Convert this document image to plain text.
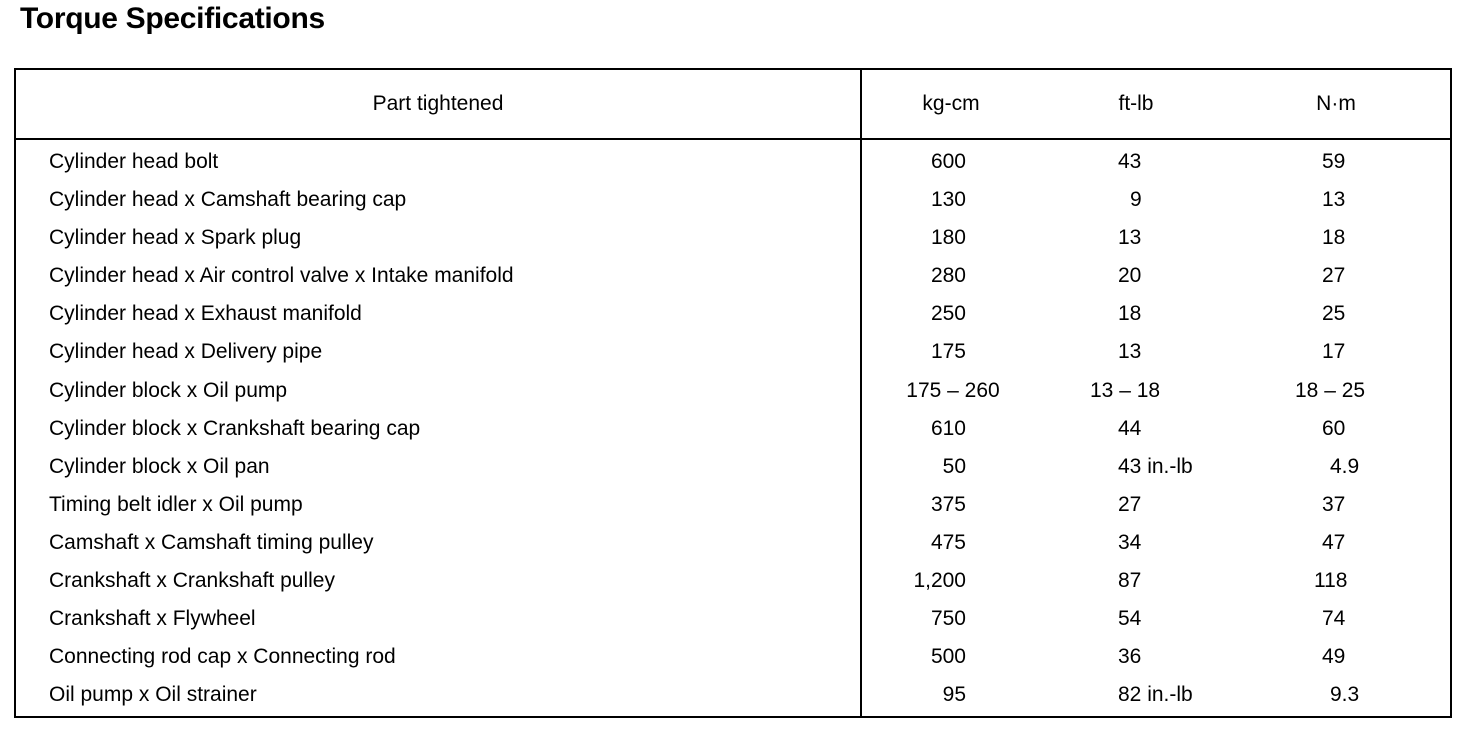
Torque Specifications
Part tightened	kg-cm	ft-lb	N·m
Cylinder head bolt	600	43	59
Cylinder head x Camshaft bearing cap	130	9	13
Cylinder head x Spark plug	180	13	18
Cylinder head x Air control valve x Intake manifold	280	20	27
Cylinder head x Exhaust manifold	250	18	25
Cylinder head x Delivery pipe	175	13	17
Cylinder block x Oil pump	175 – 260	13 – 18	18 – 25
Cylinder block x Crankshaft bearing cap	610	44	60
Cylinder block x Oil pan	50	43 in.-lb	4.9
Timing belt idler x Oil pump	375	27	37
Camshaft x Camshaft timing pulley	475	34	47
Crankshaft x Crankshaft pulley	1,200	87	118
Crankshaft x Flywheel	750	54	74
Connecting rod cap x Connecting rod	500	36	49
Oil pump x Oil strainer	95	82 in.-lb	9.3
